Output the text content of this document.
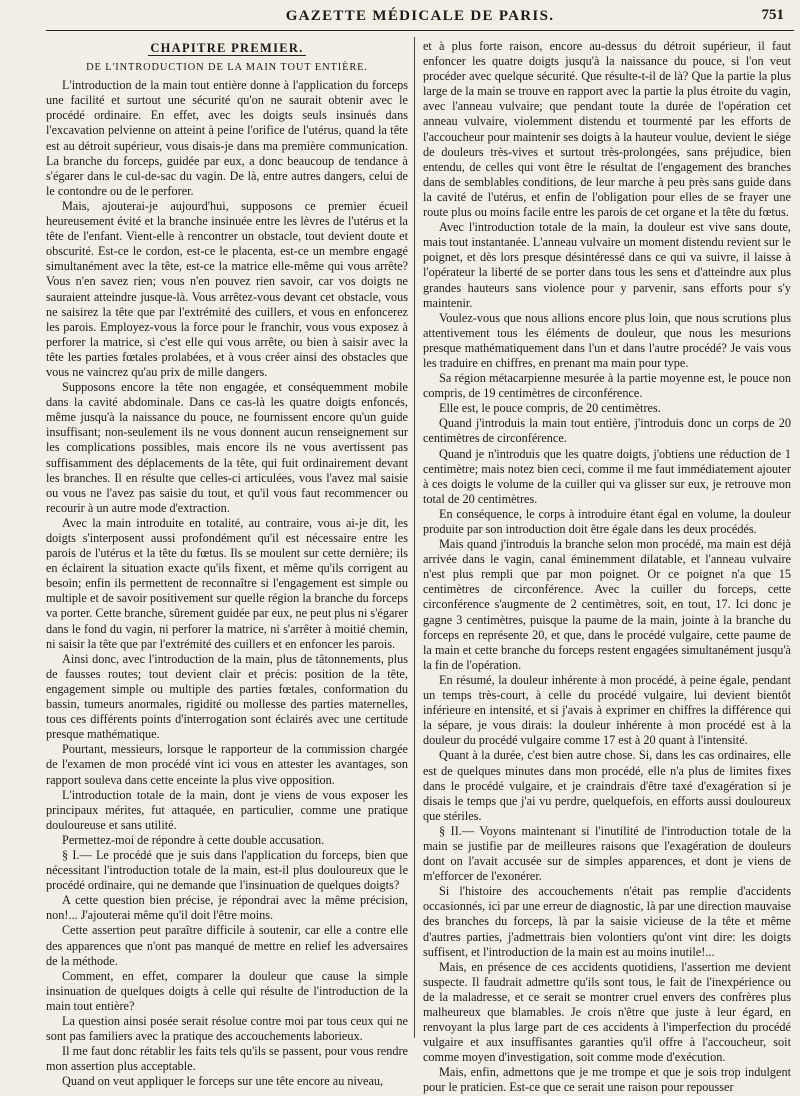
GAZETTE MÉDICALE DE PARIS.	751
CHAPITRE PREMIER.
DE L'INTRODUCTION DE LA MAIN TOUT ENTIÈRE.

L'introduction de la main tout entière donne à l'application du forceps une facilité et surtout une sécurité qu'on ne saurait obtenir avec le procédé ordinaire. En effet, avec les doigts seuls insinués dans l'excavation pelvienne on atteint à peine l'orifice de l'utérus, quand la tête est au détroit supérieur, vous disais-je dans ma première communication. La branche du forceps, guidée par eux, a donc beaucoup de tendance à s'égarer dans le cul-de-sac du vagin. De là, entre autres dangers, celui de le contondre ou de le perforer.

Mais, ajouterai-je aujourd'hui, supposons ce premier écueil heureusement évité et la branche insinuée entre les lèvres de l'utérus et la tête de l'enfant. Vient-elle à rencontrer un obstacle, tout devient doute et obscurité. Est-ce le cordon, est-ce le placenta, est-ce un membre engagé simultanément avec la tête, est-ce la matrice elle-même qui vous arrête? Vous n'en savez rien; vous n'en pouvez rien savoir, car vos doigts ne sauraient atteindre jusque-là. Vous arrêtez-vous devant cet obstacle, vous ne saisirez la tête que par l'extrémité des cuillers, et vous en enfoncerez les parois. Employez-vous la force pour le franchir, vous vous exposez à perforer la matrice, si c'est elle qui vous arrête, ou bien à saisir avec la tête les parties fœtales prolabées, et à vous créer ainsi des obstacles que vous ne vaincrez qu'au prix de mille dangers.

Supposons encore la tête non engagée, et conséquemment mobile dans la cavité abdominale. Dans ce cas-là les quatre doigts enfoncés, même jusqu'à la naissance du pouce, ne fournissent encore qu'un guide insuffisant; non-seulement ils ne vous donnent aucun renseignement sur les complications possibles, mais encore ils ne vous avertissent pas suffisamment des déplacements de la tête, qui fuit ordinairement devant les branches. Il en résulte que celles-ci articulées, vous l'avez mal saisie ou vous ne l'avez pas saisie du tout, et qu'il vous faut recommencer ou recourir à un autre mode d'extraction.

Avec la main introduite en totalité, au contraire, vous ai-je dit, les doigts s'interposent aussi profondément qu'il est nécessaire entre les parois de l'utérus et la tête du fœtus. Ils se moulent sur cette dernière; ils en éclairent la situation exacte qu'ils fixent, et même qu'ils corrigent au besoin; enfin ils permettent de reconnaître si l'engagement est simple ou multiple et de savoir positivement sur quelle région la branche du forceps va porter. Cette branche, sûrement guidée par eux, ne peut plus ni s'égarer dans le fond du vagin, ni perforer la matrice, ni s'arrêter à moitié chemin, ni saisir la tête que par l'extrémité des cuillers et en enfoncer les parois.

Ainsi donc, avec l'introduction de la main, plus de tâtonnements, plus de fausses routes; tout devient clair et précis: position de la tête, engagement simple ou multiple des parties fœtales, conformation du bassin, tumeurs anormales, rigidité ou mollesse des parties maternelles, tous ces différents points d'interrogation sont éclairés avec une certitude presque mathématique.

Pourtant, messieurs, lorsque le rapporteur de la commission chargée de l'examen de mon procédé vint ici vous en attester les avantages, son rapport souleva dans cette enceinte la plus vive opposition.

L'introduction totale de la main, dont je viens de vous exposer les principaux mérites, fut attaquée, en particulier, comme une pratique douloureuse et sans utilité.

Permettez-moi de répondre à cette double accusation.

§ I.— Le procédé que je suis dans l'application du forceps, bien que nécessitant l'introduction totale de la main, est-il plus douloureux que le procédé ordinaire, qui ne demande que l'insinuation de quelques doigts?

A cette question bien précise, je répondrai avec la même précision, non!... J'ajouterai même qu'il doit l'être moins.

Cette assertion peut paraître difficile à soutenir, car elle a contre elle des apparences que n'ont pas manqué de mettre en relief les adversaires de la méthode.

Comment, en effet, comparer la douleur que cause la simple insinuation de quelques doigts à celle qui résulte de l'introduction de la main tout entière?

La question ainsi posée serait résolue contre moi par tous ceux qui ne sont pas familiers avec la pratique des accouchements laborieux.

Il me faut donc rétablir les faits tels qu'ils se passent, pour vous rendre mon assertion plus acceptable.

Quand on veut appliquer le forceps sur une tête encore au niveau,

et à plus forte raison, encore au-dessus du détroit supérieur, il faut enfoncer les quatre doigts jusqu'à la naissance du pouce, si l'on veut procéder avec quelque sécurité. Que résulte-t-il de là? Que la partie la plus large de la main se trouve en rapport avec la partie la plus étroite du vagin, avec l'anneau vulvaire; que pendant toute la durée de l'opération cet anneau vulvaire, violemment distendu et tourmenté par les efforts de l'accoucheur pour maintenir ses doigts à la hauteur voulue, devient le siége de douleurs très-vives et surtout très-prolongées, sans préjudice, bien entendu, de celles qui vont être le résultat de l'engagement des branches dans de semblables conditions, de leur marche à peu près sans guide dans la cavité de l'utérus, et enfin de l'obligation pour elles de se frayer une route plus ou moins facile entre les parois de cet organe et la tête du fœtus.

Avec l'introduction totale de la main, la douleur est vive sans doute, mais tout instantanée. L'anneau vulvaire un moment distendu revient sur le poignet, et dès lors presque désintéressé dans ce qui va suivre, il laisse à l'opérateur la liberté de se porter dans tous les sens et d'atteindre aux plus grandes hauteurs sans violence pour y parvenir, sans efforts pour s'y maintenir.

Voulez-vous que nous allions encore plus loin, que nous scrutions plus attentivement tous les éléments de douleur, que nous les mesurions presque mathématiquement dans l'un et dans l'autre procédé? Je vais vous les traduire en chiffres, en prenant ma main pour type.

Sa région métacarpienne mesurée à la partie moyenne est, le pouce non compris, de 19 centimètres de circonférence.

Elle est, le pouce compris, de 20 centimètres.

Quand j'introduis la main tout entière, j'introduis donc un corps de 20 centimètres de circonférence.

Quand je n'introduis que les quatre doigts, j'obtiens une réduction de 1 centimètre; mais notez bien ceci, comme il me faut immédiatement ajouter à ces doigts le volume de la cuiller qui va glisser sur eux, je retrouve mon total de 20 centimètres.

En conséquence, le corps à introduire étant égal en volume, la douleur produite par son introduction doit être égale dans les deux procédés.

Mais quand j'introduis la branche selon mon procédé, ma main est déjà arrivée dans le vagin, canal éminemment dilatable, et l'anneau vulvaire n'est plus rempli que par mon poignet. Or ce poignet n'a que 15 centimètres de circonférence. Avec la cuiller du forceps, cette circonférence s'augmente de 2 centimètres, soit, en tout, 17. Ici donc je gagne 3 centimètres, puisque la paume de la main, jointe à la branche du forceps en représente 20, et que, dans le procédé vulgaire, cette paume de la main et cette branche du forceps restent engagées simultanément jusqu'à la fin de l'opération.

En résumé, la douleur inhérente à mon procédé, à peine égale, pendant un temps très-court, à celle du procédé vulgaire, lui devient bientôt inférieure en intensité, et si j'avais à exprimer en chiffres la différence qui la sépare, je vous dirais: la douleur inhérente à mon procédé est à la douleur du procédé vulgaire comme 17 est à 20 quant à l'intensité.

Quant à la durée, c'est bien autre chose. Si, dans les cas ordinaires, elle est de quelques minutes dans mon procédé, elle n'a plus de limites fixes dans le procédé vulgaire, et je craindrais d'être taxé d'exagération si je disais le temps que j'ai vu perdre, quelquefois, en efforts aussi douloureux que stériles.

§ II.— Voyons maintenant si l'inutilité de l'introduction totale de la main se justifie par de meilleures raisons que l'exagération de douleurs dont on l'avait accusée sur de simples apparences, et dont je viens de m'efforcer de l'exonérer.

Si l'histoire des accouchements n'était pas remplie d'accidents occasionnés, ici par une erreur de diagnostic, là par une direction mauvaise des branches du forceps, là par la saisie vicieuse de la tête et même d'autres parties, j'admettrais bien volontiers qu'ont vint dire: les doigts suffisent, et l'introduction de la main est au moins inutile!...

Mais, en présence de ces accidents quotidiens, l'assertion me devient suspecte. Il faudrait admettre qu'ils sont tous, le fait de l'inexpérience ou de la maladresse, et ce serait se montrer cruel envers des confrères plus malheureux que blamables. Je crois n'être que juste à leur égard, en renvoyant la plus large part de ces accidents à l'imperfection du procédé vulgaire et aux insuffisantes garanties qu'il offre à l'accoucheur, soit comme moyen d'investigation, soit comme mode d'exécution.

Mais, enfin, admettons que je me trompe et que je sois trop indulgent pour le praticien. Est-ce que ce serait une raison pour repousser
